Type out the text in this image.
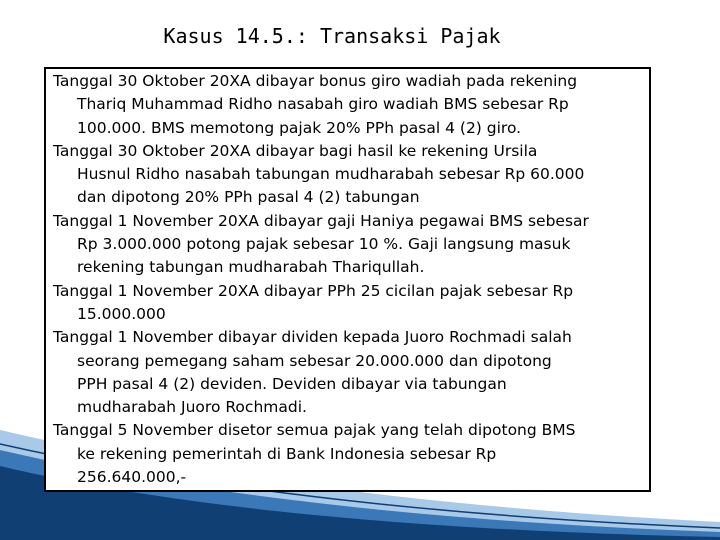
Kasus 14.5.: Transaksi Pajak

Tanggal 30 Oktober 20XA dibayar bonus giro wadiah pada rekening
Thariq Muhammad Ridho nasabah giro wadiah BMS sebesar Rp
100.000. BMS memotong pajak 20% PPh pasal 4 (2) giro.

Tanggal 30 Oktober 20XA dibayar bagi hasil ke rekening Ursila
Husnul Ridho nasabah tabungan mudharabah sebesar Rp 60.000
dan dipotong 20% PPh pasal 4 (2) tabungan

Tanggal 1 November 20XA dibayar gaji Haniya pegawai BMS sebesar
Rp 3.000.000 potong pajak sebesar 10 %. Gaji langsung masuk
rekening tabungan mudharabah Thariqullah.

Tanggal 1 November 20XA dibayar PPh 25 cicilan pajak sebesar Rp
15.000.000

Tanggal 1 November dibayar dividen kepada Juoro Rochmadi salah
seorang pemegang saham sebesar 20.000.000 dan dipotong
PPH pasal 4 (2) deviden. Deviden dibayar via tabungan
mudharabah Juoro Rochmadi.

Tanggal 5 November disetor semua pajak yang telah dipotong BMS
ke rekening pemerintah di Bank Indonesia sebesar Rp
256.640.000,-
